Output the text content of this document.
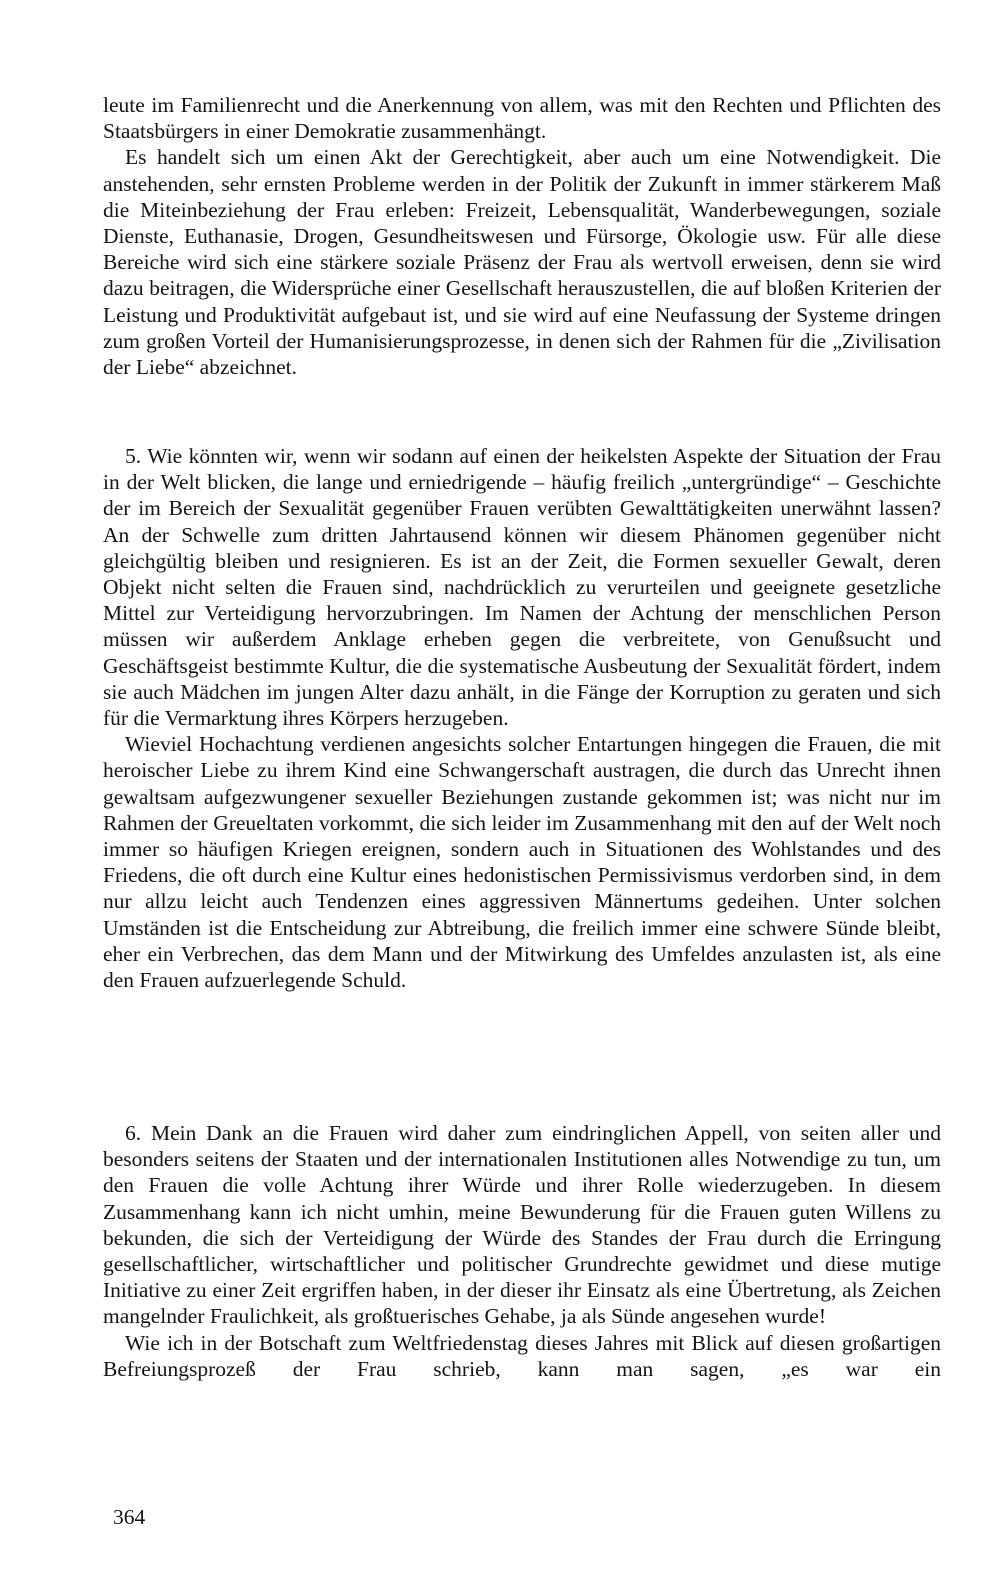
leute im Familienrecht und die Anerkennung von allem, was mit den Rechten und Pflichten des Staatsbürgers in einer Demokratie zusammenhängt.

Es handelt sich um einen Akt der Gerechtigkeit, aber auch um eine Notwendigkeit. Die anstehenden, sehr ernsten Probleme werden in der Politik der Zukunft in immer stärkerem Maß die Miteinbeziehung der Frau erleben: Freizeit, Lebensqualität, Wanderbewegungen, soziale Dienste, Euthanasie, Drogen, Gesundheitswesen und Fürsorge, Ökologie usw. Für alle diese Bereiche wird sich eine stärkere soziale Präsenz der Frau als wertvoll erweisen, denn sie wird dazu beitragen, die Widersprüche einer Gesellschaft herauszustellen, die auf bloßen Kriterien der Leistung und Produktivität aufgebaut ist, und sie wird auf eine Neufassung der Systeme dringen zum großen Vorteil der Humanisierungsprozesse, in denen sich der Rahmen für die „Zivilisation der Liebe“ abzeichnet.

5. Wie könnten wir, wenn wir sodann auf einen der heikelsten Aspekte der Situation der Frau in der Welt blicken, die lange und erniedrigende – häufig freilich „untergründige“ – Geschichte der im Bereich der Sexualität gegenüber Frauen verübten Gewalttätigkeiten unerwähnt lassen? An der Schwelle zum dritten Jahrtausend können wir diesem Phänomen gegenüber nicht gleichgültig bleiben und resignieren. Es ist an der Zeit, die Formen sexueller Gewalt, deren Objekt nicht selten die Frauen sind, nachdrücklich zu verurteilen und geeignete gesetzliche Mittel zur Verteidigung hervorzubringen. Im Namen der Achtung der menschlichen Person müssen wir außerdem Anklage erheben gegen die verbreitete, von Genußsucht und Geschäftsgeist bestimmte Kultur, die die systematische Ausbeutung der Sexualität fördert, indem sie auch Mädchen im jungen Alter dazu anhält, in die Fänge der Korruption zu geraten und sich für die Vermarktung ihres Körpers herzugeben.

Wieviel Hochachtung verdienen angesichts solcher Entartungen hingegen die Frauen, die mit heroischer Liebe zu ihrem Kind eine Schwangerschaft austragen, die durch das Unrecht ihnen gewaltsam aufgezwungener sexueller Beziehungen zustande gekommen ist; was nicht nur im Rahmen der Greueltaten vorkommt, die sich leider im Zusammenhang mit den auf der Welt noch immer so häufigen Kriegen ereignen, sondern auch in Situationen des Wohlstandes und des Friedens, die oft durch eine Kultur eines hedonistischen Permissivismus verdorben sind, in dem nur allzu leicht auch Tendenzen eines aggressiven Männertums gedeihen. Unter solchen Umständen ist die Entscheidung zur Abtreibung, die freilich immer eine schwere Sünde bleibt, eher ein Verbrechen, das dem Mann und der Mitwirkung des Umfeldes anzulasten ist, als eine den Frauen aufzuerlegende Schuld.

6. Mein Dank an die Frauen wird daher zum eindringlichen Appell, von seiten aller und besonders seitens der Staaten und der internationalen Institutionen alles Notwendige zu tun, um den Frauen die volle Achtung ihrer Würde und ihrer Rolle wiederzugeben. In diesem Zusammenhang kann ich nicht umhin, meine Bewunderung für die Frauen guten Willens zu bekunden, die sich der Verteidigung der Würde des Standes der Frau durch die Erringung gesellschaftlicher, wirtschaftlicher und politischer Grundrechte gewidmet und diese mutige Initiative zu einer Zeit ergriffen haben, in der dieser ihr Einsatz als eine Übertretung, als Zeichen mangelnder Fraulichkeit, als großtuerisches Gehabe, ja als Sünde angesehen wurde!

Wie ich in der Botschaft zum Weltfriedenstag dieses Jahres mit Blick auf diesen großartigen Befreiungsprozeß der Frau schrieb, kann man sagen, „es war ein

364
